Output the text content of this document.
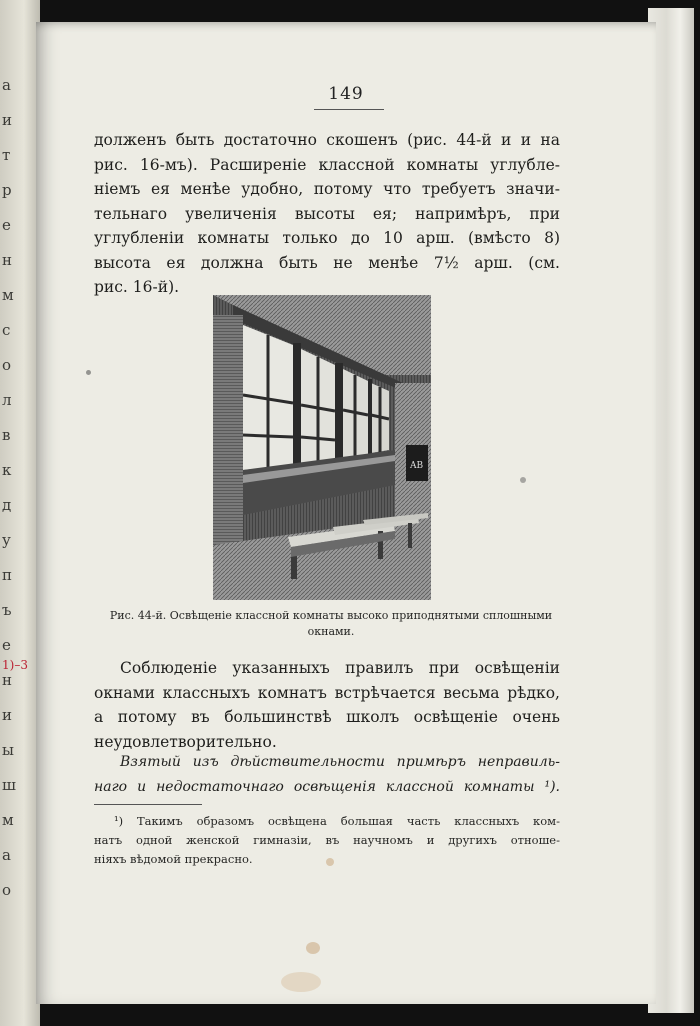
а
и
т
р
е
н
м
с
о
л
в
к
д
у
п
ъ
е
н
и
ы
ш
м
а
о
1)–3
149
долженъ быть достаточно скошенъ (рис. 44-й и и на
рис. 16-мъ). Расширеніе классной комнаты углубле-
ніемъ ея менѣе удобно, потому что требуетъ значи-
тельнаго увеличенія высоты ея; напримѣръ, при
углубленіи комнаты только до 10 арш. (вмѣсто 8)
высота ея должна быть не менѣе 7½ арш. (см.
рис. 16-й).
AB
Рис. 44-й. Освѣщеніе классной комнаты высоко приподнятыми сплошными окнами.
Соблюденіе указанныхъ правилъ при освѣщеніи
окнами классныхъ комнатъ встрѣчается весьма рѣдко,
а потому въ большинствѣ школъ освѣщеніе очень
неудовлетворительно.
Взятый изъ дѣйствительности примѣръ неправиль-
наго и недостаточнаго освѣщенія классной комнаты ¹).
¹) Такимъ образомъ освѣщена большая часть классныхъ ком-
натъ одной женской гимназіи, въ научномъ и другихъ отноше-
ніяхъ вѣдомой прекрасно.
